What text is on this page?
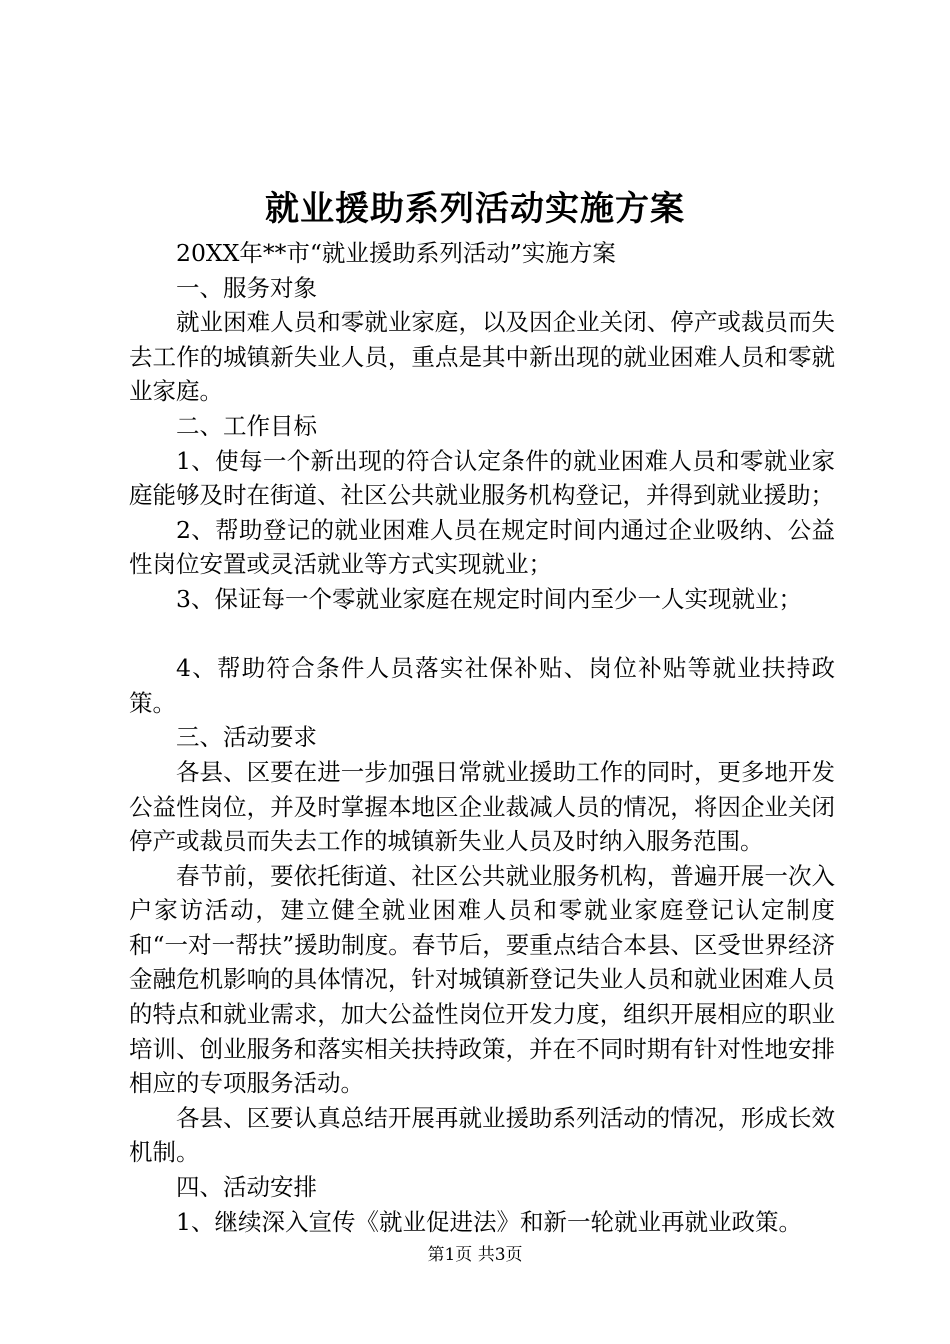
就业援助系列活动实施方案

20XX年**市“就业援助系列活动”实施方案

一、服务对象

就业困难人员和零就业家庭，以及因企业关闭、停产或裁员而失去工作的城镇新失业人员，重点是其中新出现的就业困难人员和零就业家庭。

二、工作目标

1、使每一个新出现的符合认定条件的就业困难人员和零就业家庭能够及时在街道、社区公共就业服务机构登记，并得到就业援助；

2、帮助登记的就业困难人员在规定时间内通过企业吸纳、公益性岗位安置或灵活就业等方式实现就业；

3、保证每一个零就业家庭在规定时间内至少一人实现就业；

4、帮助符合条件人员落实社保补贴、岗位补贴等就业扶持政策。

三、活动要求

各县、区要在进一步加强日常就业援助工作的同时，更多地开发公益性岗位，并及时掌握本地区企业裁减人员的情况，将因企业关闭停产或裁员而失去工作的城镇新失业人员及时纳入服务范围。

春节前，要依托街道、社区公共就业服务机构，普遍开展一次入户家访活动，建立健全就业困难人员和零就业家庭登记认定制度和“一对一帮扶”援助制度。春节后，要重点结合本县、区受世界经济金融危机影响的具体情况，针对城镇新登记失业人员和就业困难人员的特点和就业需求，加大公益性岗位开发力度，组织开展相应的职业培训、创业服务和落实相关扶持政策，并在不同时期有针对性地安排相应的专项服务活动。

各县、区要认真总结开展再就业援助系列活动的情况，形成长效机制。

四、活动安排

1、继续深入宣传《就业促进法》和新一轮就业再就业政策。

第1页 共3页
